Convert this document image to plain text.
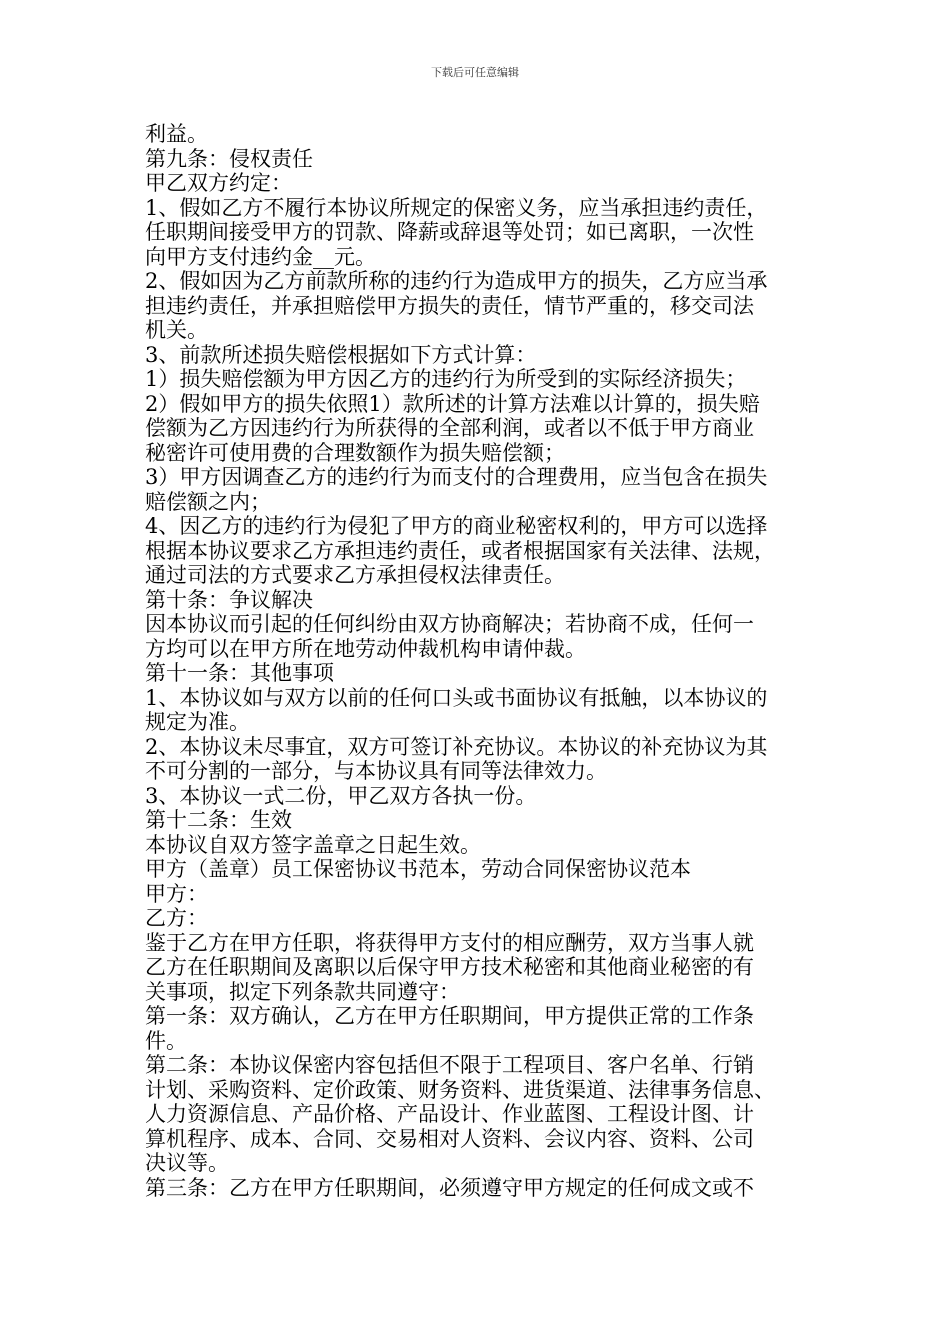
下载后可任意编辑
利益。
第九条：侵权责任
甲乙双方约定：
1、假如乙方不履行本协议所规定的保密义务，应当承担违约责任，
任职期间接受甲方的罚款、降薪或辞退等处罚；如已离职，一次性
向甲方支付违约金__元。
2、假如因为乙方前款所称的违约行为造成甲方的损失，乙方应当承
担违约责任，并承担赔偿甲方损失的责任，情节严重的，移交司法
机关。
3、前款所述损失赔偿根据如下方式计算：
1）损失赔偿额为甲方因乙方的违约行为所受到的实际经济损失；
2）假如甲方的损失依照1）款所述的计算方法难以计算的，损失赔
偿额为乙方因违约行为所获得的全部利润，或者以不低于甲方商业
秘密许可使用费的合理数额作为损失赔偿额；
3）甲方因调查乙方的违约行为而支付的合理费用，应当包含在损失
赔偿额之内；
4、因乙方的违约行为侵犯了甲方的商业秘密权利的，甲方可以选择
根据本协议要求乙方承担违约责任，或者根据国家有关法律、法规，
通过司法的方式要求乙方承担侵权法律责任。
第十条：争议解决
因本协议而引起的任何纠纷由双方协商解决；若协商不成，任何一
方均可以在甲方所在地劳动仲裁机构申请仲裁。
第十一条：其他事项
1、本协议如与双方以前的任何口头或书面协议有抵触，以本协议的
规定为准。
2、本协议未尽事宜，双方可签订补充协议。本协议的补充协议为其
不可分割的一部分，与本协议具有同等法律效力。
3、本协议一式二份，甲乙双方各执一份。
第十二条：生效
本协议自双方签字盖章之日起生效。
甲方（盖章）员工保密协议书范本，劳动合同保密协议范本
甲方：
乙方：
鉴于乙方在甲方任职，将获得甲方支付的相应酬劳，双方当事人就
乙方在任职期间及离职以后保守甲方技术秘密和其他商业秘密的有
关事项，拟定下列条款共同遵守：
第一条：双方确认，乙方在甲方任职期间，甲方提供正常的工作条
件。
第二条：本协议保密内容包括但不限于工程项目、客户名单、行销
计划、采购资料、定价政策、财务资料、进货渠道、法律事务信息、
人力资源信息、产品价格、产品设计、作业蓝图、工程设计图、计
算机程序、成本、合同、交易相对人资料、会议内容、资料、公司
决议等。
第三条：乙方在甲方任职期间，必须遵守甲方规定的任何成文或不
